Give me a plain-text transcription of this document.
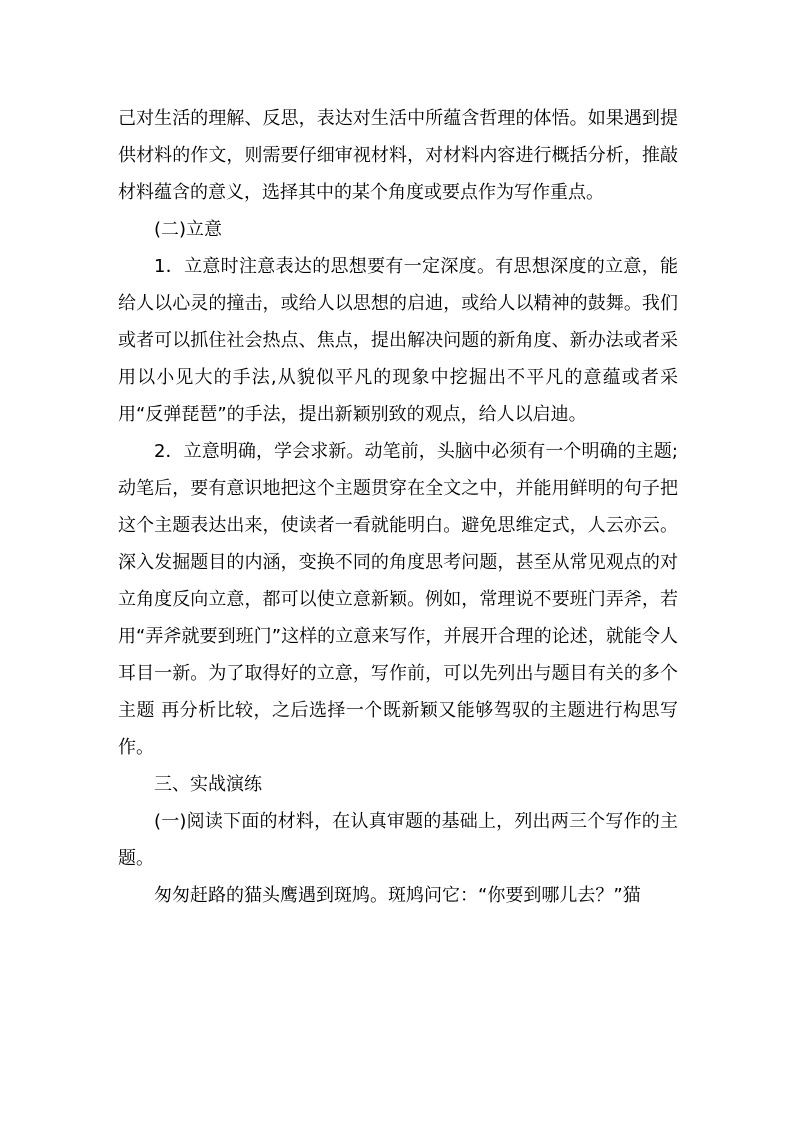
己对生活的理解、反思，表达对生活中所蕴含哲理的体悟。如果遇到提供材料的作文，则需要仔细审视材料，对材料内容进行概括分析，推敲材料蕴含的意义，选择其中的某个角度或要点作为写作重点。

(二)立意

1．立意时注意表达的思想要有一定深度。有思想深度的立意，能给人以心灵的撞击，或给人以思想的启迪，或给人以精神的鼓舞。我们或者可以抓住社会热点、焦点，提出解决问题的新角度、新办法或者采用以小见大的手法,从貌似平凡的现象中挖掘出不平凡的意蕴或者采用“反弹琵琶”的手法，提出新颖别致的观点，给人以启迪。

2．立意明确，学会求新。动笔前，头脑中必须有一个明确的主题; 动笔后，要有意识地把这个主题贯穿在全文之中，并能用鲜明的句子把这个主题表达出来，使读者一看就能明白。避免思维定式，人云亦云。深入发掘题目的内涵，变换不同的角度思考问题，甚至从常见观点的对立角度反向立意，都可以使立意新颖。例如，常理说不要班门弄斧，若用“弄斧就要到班门”这样的立意来写作，并展开合理的论述，就能令人耳目一新。为了取得好的立意，写作前，可以先列出与题目有关的多个主题 再分析比较，之后选择一个既新颖又能够驾驭的主题进行构思写作。

三、实战演练

(一)阅读下面的材料，在认真审题的基础上，列出两三个写作的主题。

匆匆赶路的猫头鹰遇到斑鸠。斑鸠问它：“你要到哪儿去？”猫
